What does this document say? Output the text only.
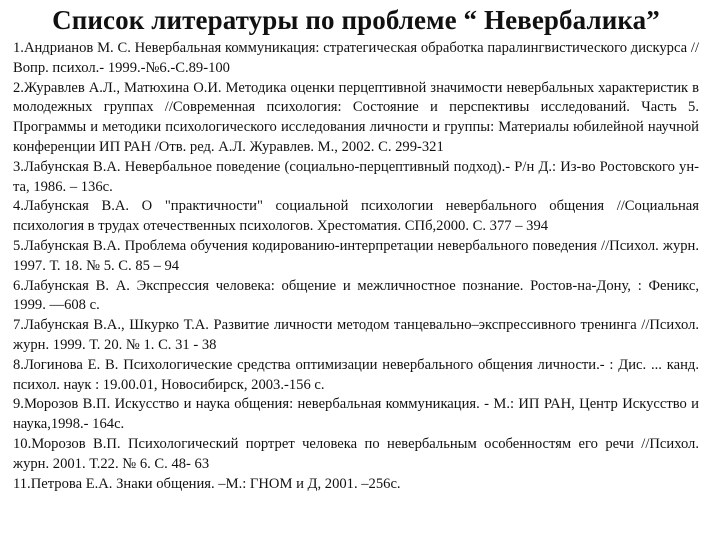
Список литературы по проблеме “ Невербалика”
1.Андрианов М. С. Невербальная коммуникация: стратегическая обработка паралингвистического дискурса //Вопр. психол.- 1999.-№6.-С.89-100
2.Журавлев А.Л., Матюхина О.И. Методика оценки перцептивной значимости невербальных характеристик в молодежных группах //Современная психология: Состояние и перспективы исследований. Часть 5. Программы и методики психологического исследования личности и группы: Материалы юбилейной научной конференции ИП РАН /Отв. ред. А.Л. Журавлев. М., 2002. С. 299-321
3.Лабунская В.А. Невербальное поведение (социально-перцептивный подход).- Р/н Д.: Из-во Ростовского ун-та, 1986. – 136с.
4.Лабунская В.А. О "практичности" социальной психологии невербального общения //Социальная психология в трудах отечественных психологов. Хрестоматия. СПб,2000. С. 377 – 394
5.Лабунская В.А. Проблема обучения кодированию-интерпретации невербального поведения //Психол. журн. 1997. Т. 18. № 5. С. 85 – 94
6.Лабунская В. А. Экспрессия человека: общение и межличностное познание. Ростов-на-Дону, : Феникс, 1999. —608 с.
7.Лабунская В.А., Шкурко Т.А. Развитие личности методом танцевально–экспрессивного тренинга //Психол. журн. 1999. Т. 20. № 1. С. 31 - 38
8.Логинова Е. В. Психологические средства оптимизации невербального общения личности.- : Дис. ... канд. психол. наук : 19.00.01, Новосибирск, 2003.-156 с.
9.Морозов В.П. Искусство и наука общения: невербальная коммуникация. - М.: ИП РАН, Центр Искусство и наука,1998.- 164с.
10.Морозов В.П. Психологический портрет человека по невербальным особенностям его речи //Психол. журн. 2001. Т.22. № 6. С. 48- 63
11.Петрова Е.А. Знаки общения. –М.: ГНОМ и Д, 2001. –256с.
